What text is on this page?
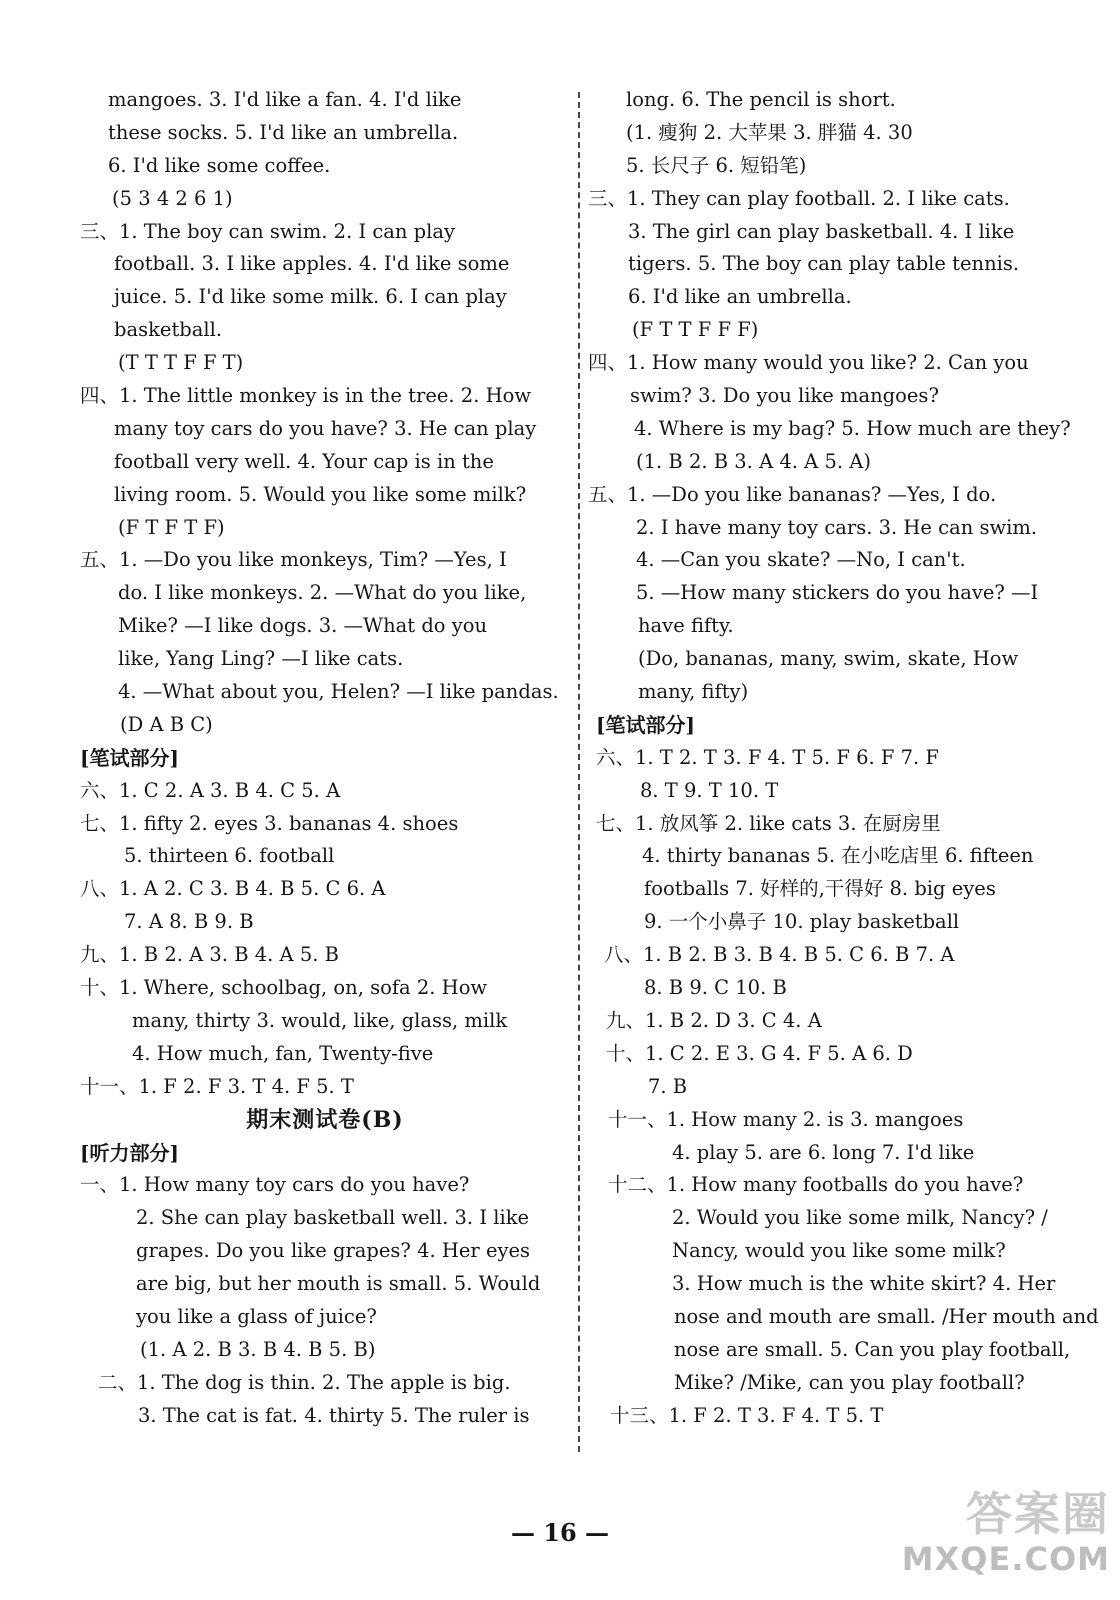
mangoes. 3. I'd like a fan. 4. I'd like
these socks. 5. I'd like an umbrella.
6. I'd like some coffee.
(5 3 4 2 6 1)
三、1. The boy can swim. 2. I can play
football. 3. I like apples. 4. I'd like some
juice. 5. I'd like some milk. 6. I can play
basketball.
(T T T F F T)
四、1. The little monkey is in the tree. 2. How
many toy cars do you have? 3. He can play
football very well. 4. Your cap is in the
living room. 5. Would you like some milk?
(F T F T F)
五、1. —Do you like monkeys, Tim? —Yes, I
do. I like monkeys. 2. —What do you like,
Mike? —I like dogs. 3. —What do you
like, Yang Ling? —I like cats.
4. —What about you, Helen? —I like pandas.
(D A B C)
[笔试部分]
六、1. C 2. A 3. B 4. C 5. A
七、1. fifty 2. eyes 3. bananas 4. shoes
5. thirteen 6. football
八、1. A 2. C 3. B 4. B 5. C 6. A
7. A 8. B 9. B
九、1. B 2. A 3. B 4. A 5. B
十、1. Where, schoolbag, on, sofa 2. How
many, thirty 3. would, like, glass, milk
4. How much, fan, Twenty-five
十一、1. F 2. F 3. T 4. F 5. T
期末测试卷(B)
[听力部分]
一、1. How many toy cars do you have?
2. She can play basketball well. 3. I like
grapes. Do you like grapes? 4. Her eyes
are big, but her mouth is small. 5. Would
you like a glass of juice?
(1. A 2. B 3. B 4. B 5. B)
二、1. The dog is thin. 2. The apple is big.
3. The cat is fat. 4. thirty 5. The ruler is
long. 6. The pencil is short.
(1. 瘦狗 2. 大苹果 3. 胖猫 4. 30
5. 长尺子 6. 短铅笔)
三、1. They can play football. 2. I like cats.
3. The girl can play basketball. 4. I like
tigers. 5. The boy can play table tennis.
6. I'd like an umbrella.
(F T T F F F)
四、1. How many would you like? 2. Can you
swim? 3. Do you like mangoes?
4. Where is my bag? 5. How much are they?
(1. B 2. B 3. A 4. A 5. A)
五、1. —Do you like bananas? —Yes, I do.
2. I have many toy cars. 3. He can swim.
4. —Can you skate? —No, I can't.
5. —How many stickers do you have? —I
have fifty.
(Do, bananas, many, swim, skate, How
many, fifty)
[笔试部分]
六、1. T 2. T 3. F 4. T 5. F 6. F 7. F
8. T 9. T 10. T
七、1. 放风筝 2. like cats 3. 在厨房里
4. thirty bananas 5. 在小吃店里 6. fifteen
footballs 7. 好样的,干得好 8. big eyes
9. 一个小鼻子 10. play basketball
八、1. B 2. B 3. B 4. B 5. C 6. B 7. A
8. B 9. C 10. B
九、1. B 2. D 3. C 4. A
十、1. C 2. E 3. G 4. F 5. A 6. D
7. B
十一、1. How many 2. is 3. mangoes
4. play 5. are 6. long 7. I'd like
十二、1. How many footballs do you have?
2. Would you like some milk, Nancy? /
Nancy, would you like some milk?
3. How much is the white skirt? 4. Her
nose and mouth are small. /Her mouth and
nose are small. 5. Can you play football,
Mike? /Mike, can you play football?
十三、1. F 2. T 3. F 4. T 5. T
— 16 —	答案圈
MXQE.COM
